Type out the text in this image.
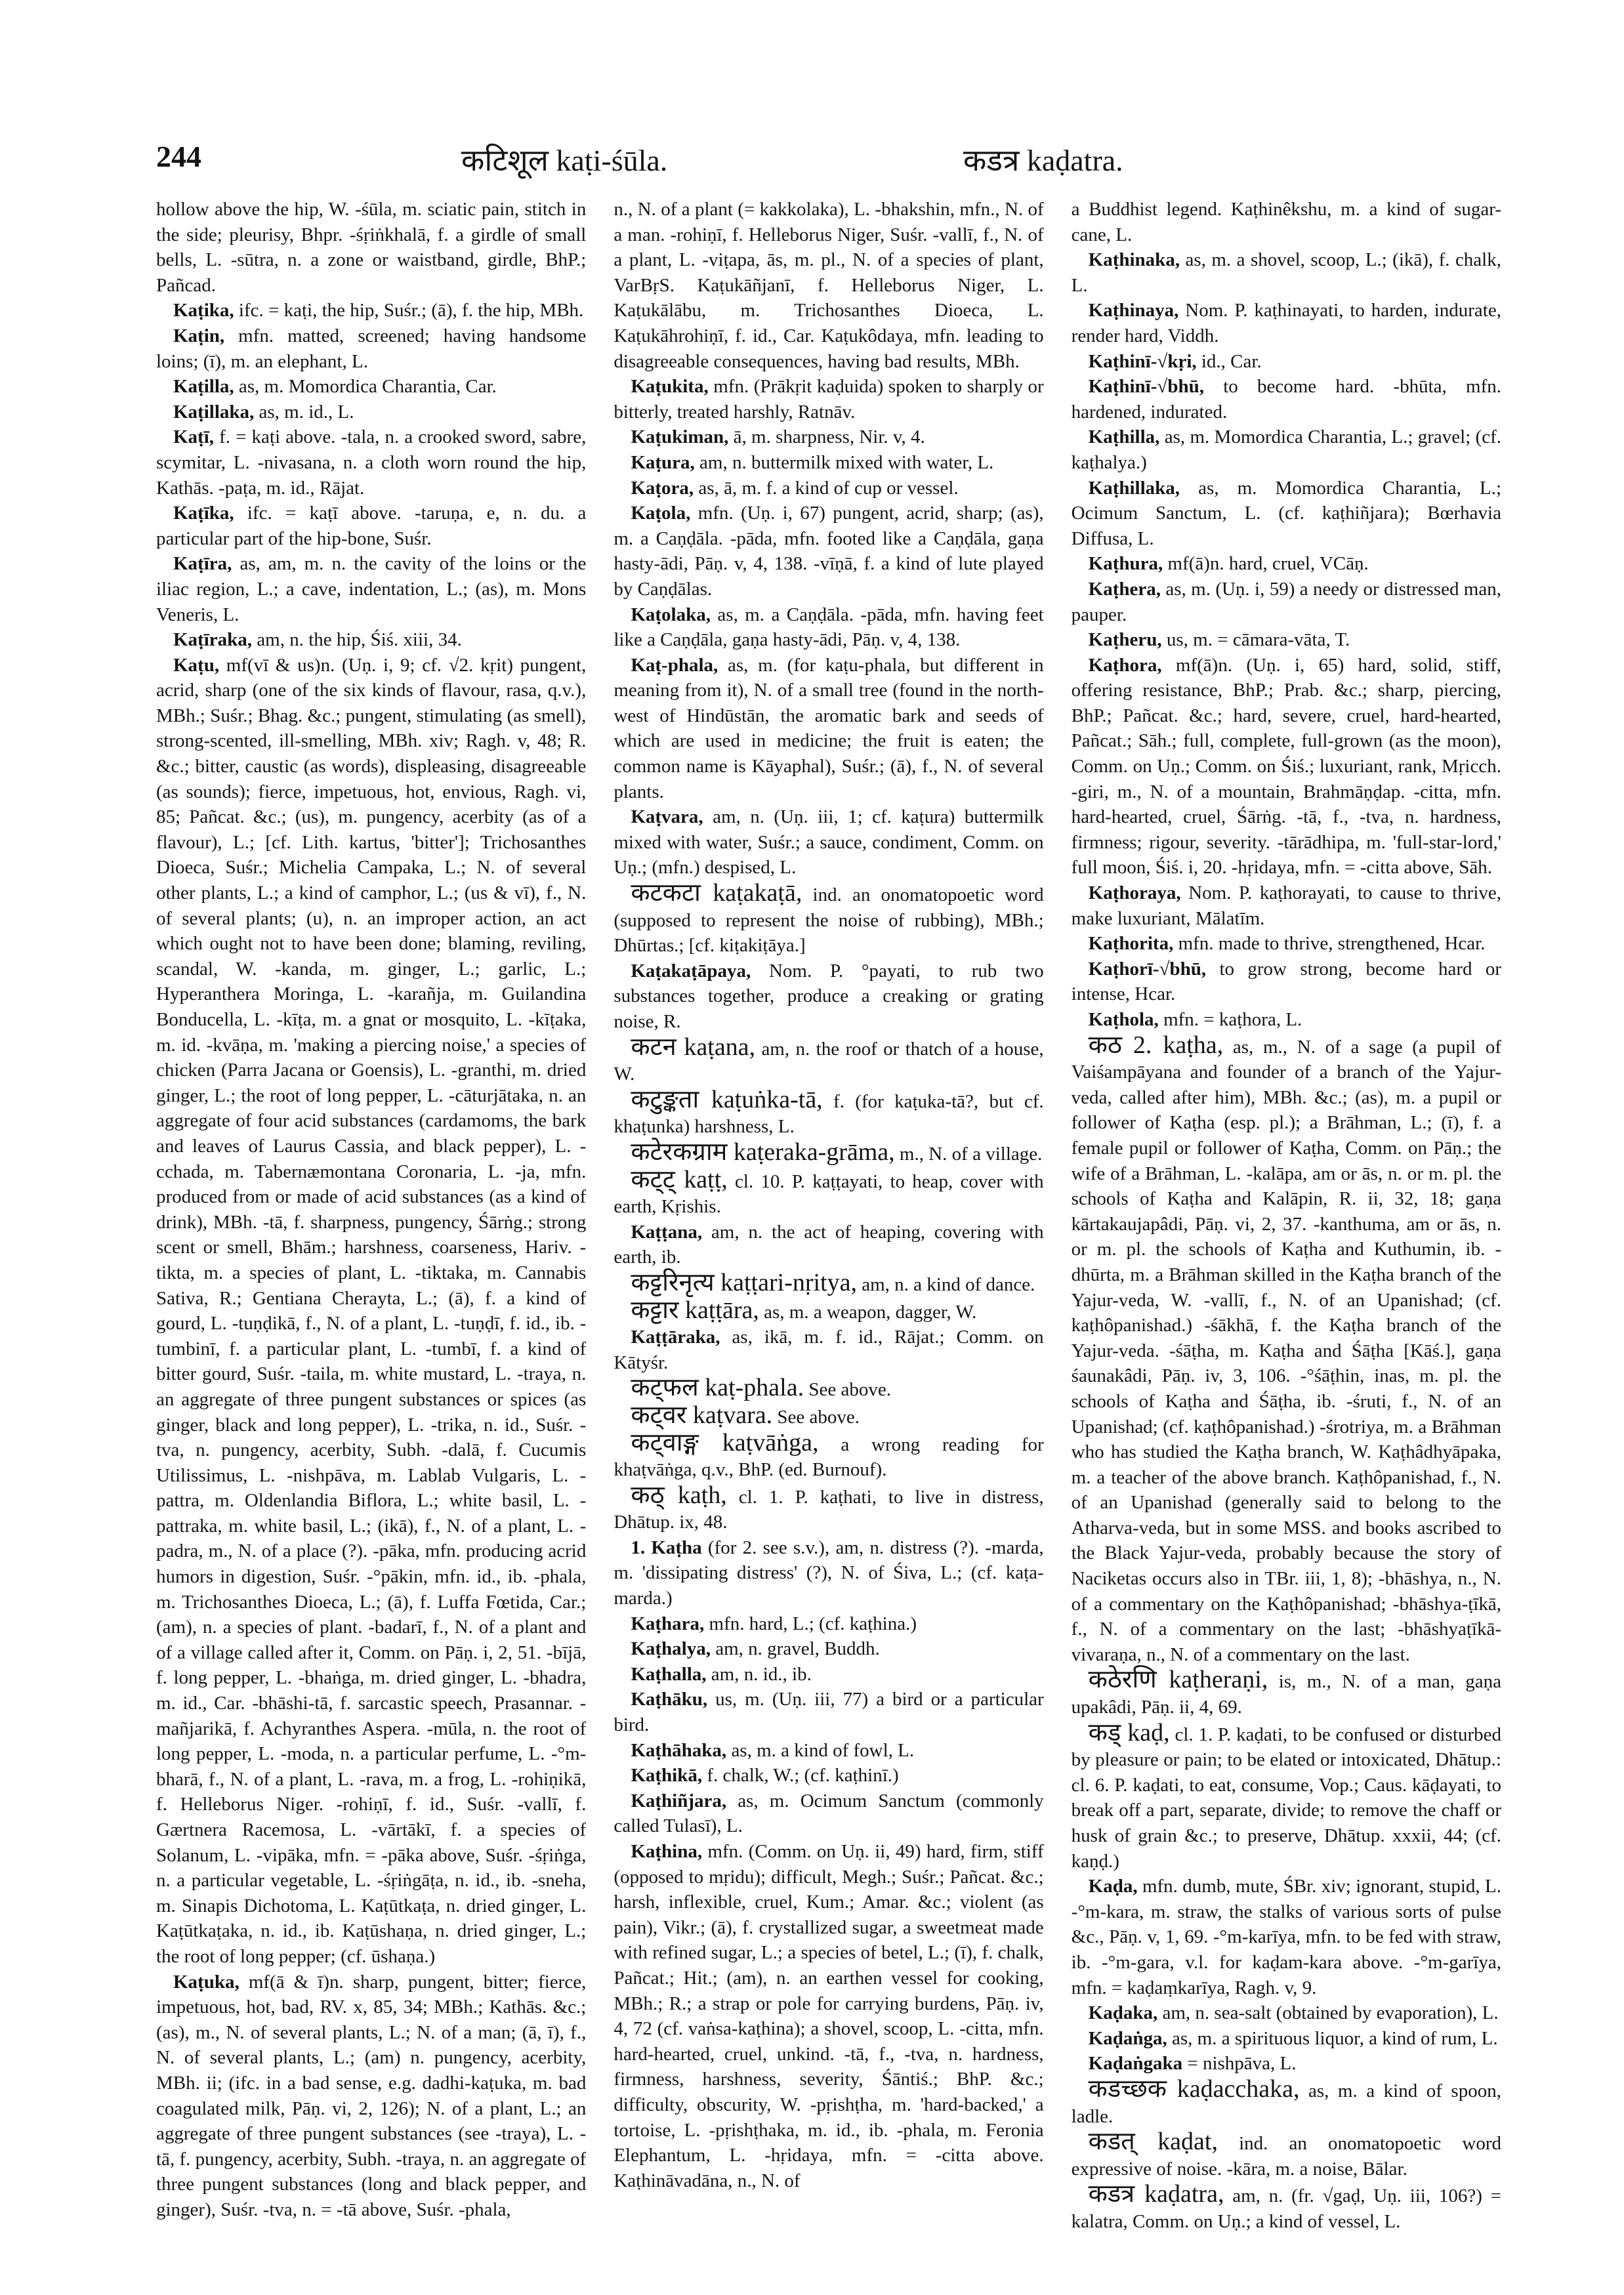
244	कटिशूल kaṭi-śūla.	कडत्र kaḍatra.

hollow above the hip, W. -śūla, m. sciatic pain, stitch in the side; pleurisy, Bhpr. -śṛiṅkhalā, f. a girdle of small bells, L. -sūtra, n. a zone or waistband, girdle, BhP.; Pañcad.

Kaṭika, ifc. = kaṭi, the hip, Suśr.; (ā), f. the hip, MBh.

Kaṭin, mfn. matted, screened; having handsome loins; (ī), m. an elephant, L.

Kaṭilla, as, m. Momordica Charantia, Car.

Kaṭillaka, as, m. id., L.

Kaṭī, f. = kaṭi above. -tala, n. a crooked sword, sabre, scymitar, L. -nivasana, n. a cloth worn round the hip, Kathās. -paṭa, m. id., Rājat.

Kaṭīka, ifc. = kaṭī above. -taruṇa, e, n. du. a particular part of the hip-bone, Suśr.

Kaṭīra, as, am, m. n. the cavity of the loins or the iliac region, L.; a cave, indentation, L.; (as), m. Mons Veneris, L.

Kaṭīraka, am, n. the hip, Śiś. xiii, 34.

Kaṭu, mf(vī & us)n. (Uṇ. i, 9; cf. √2. kṛit) pungent, acrid, sharp (one of the six kinds of flavour, rasa, q.v.), MBh.; Suśr.; Bhag. &c.; pungent, stimulating (as smell), strong-scented, ill-smelling, MBh. xiv; Ragh. v, 48; R. &c.; bitter, caustic (as words), displeasing, disagreeable (as sounds); fierce, impetuous, hot, envious, Ragh. vi, 85; Pañcat. &c.; (us), m. pungency, acerbity (as of a flavour), L.; [cf. Lith. kartus, 'bitter']; Trichosanthes Dioeca, Suśr.; Michelia Campaka, L.; N. of several other plants, L.; a kind of camphor, L.; (us & vī), f., N. of several plants; (u), n. an improper action, an act which ought not to have been done; blaming, reviling, scandal, W. -kanda, m. ginger, L.; garlic, L.; Hyperanthera Moringa, L. -karañja, m. Guilandina Bonducella, L. -kīṭa, m. a gnat or mosquito, L. -kīṭaka, m. id. -kvāṇa, m. 'making a piercing noise,' a species of chicken (Parra Jacana or Goensis), L. -granthi, m. dried ginger, L.; the root of long pepper, L. -cāturjātaka, n. an aggregate of four acid substances (cardamoms, the bark and leaves of Laurus Cassia, and black pepper), L. -cchada, m. Tabernæmontana Coronaria, L. -ja, mfn. produced from or made of acid substances (as a kind of drink), MBh. -tā, f. sharpness, pungency, Śārṅg.; strong scent or smell, Bhām.; harshness, coarseness, Hariv. -tikta, m. a species of plant, L. -tiktaka, m. Cannabis Sativa, R.; Gentiana Cherayta, L.; (ā), f. a kind of gourd, L. -tuṇḍikā, f., N. of a plant, L. -tuṇḍī, f. id., ib. -tumbinī, f. a particular plant, L. -tumbī, f. a kind of bitter gourd, Suśr. -taila, m. white mustard, L. -traya, n. an aggregate of three pungent substances or spices (as ginger, black and long pepper), L. -trika, n. id., Suśr. -tva, n. pungency, acerbity, Subh. -dalā, f. Cucumis Utilissimus, L. -nishpāva, m. Lablab Vulgaris, L. -pattra, m. Oldenlandia Biflora, L.; white basil, L. -pattraka, m. white basil, L.; (ikā), f., N. of a plant, L. -padra, m., N. of a place (?). -pāka, mfn. producing acrid humors in digestion, Suśr. -°pākin, mfn. id., ib. -phala, m. Trichosanthes Dioeca, L.; (ā), f. Luffa Fœtida, Car.; (am), n. a species of plant. -badarī, f., N. of a plant and of a village called after it, Comm. on Pāṇ. i, 2, 51. -bījā, f. long pepper, L. -bhaṅga, m. dried ginger, L. -bhadra, m. id., Car. -bhāshi-tā, f. sarcastic speech, Prasannar. -mañjarikā, f. Achyranthes Aspera. -mūla, n. the root of long pepper, L. -moda, n. a particular perfume, L. -°m-bharā, f., N. of a plant, L. -rava, m. a frog, L. -rohiṇikā, f. Helleborus Niger. -rohiṇī, f. id., Suśr. -vallī, f. Gærtnera Racemosa, L. -vārtākī, f. a species of Solanum, L. -vipāka, mfn. = -pāka above, Suśr. -śṛiṅga, n. a particular vegetable, L. -śṛiṅgāṭa, n. id., ib. -sneha, m. Sinapis Dichotoma, L. Kaṭūtkaṭa, n. dried ginger, L. Kaṭūtkaṭaka, n. id., ib. Kaṭūshaṇa, n. dried ginger, L.; the root of long pepper; (cf. ūshaṇa.)

Kaṭuka, mf(ā & ī)n. sharp, pungent, bitter; fierce, impetuous, hot, bad, RV. x, 85, 34; MBh.; Kathās. &c.; (as), m., N. of several plants, L.; N. of a man; (ā, ī), f., N. of several plants, L.; (am) n. pungency, acerbity, MBh. ii; (ifc. in a bad sense, e.g. dadhi-kaṭuka, m. bad coagulated milk, Pāṇ. vi, 2, 126); N. of a plant, L.; an aggregate of three pungent substances (see -traya), L. -tā, f. pungency, acerbity, Subh. -traya, n. an aggregate of three pungent substances (long and black pepper, and ginger), Suśr. -tva, n. = -tā above, Suśr. -phala,

n., N. of a plant (= kakkolaka), L. -bhakshin, mfn., N. of a man. -rohiṇī, f. Helleborus Niger, Suśr. -vallī, f., N. of a plant, L. -viṭapa, ās, m. pl., N. of a species of plant, VarBṛS. Kaṭukāñjanī, f. Helleborus Niger, L. Kaṭukālābu, m. Trichosanthes Dioeca, L. Kaṭukāhrohiṇī, f. id., Car. Kaṭukôdaya, mfn. leading to disagreeable consequences, having bad results, MBh.

Kaṭukita, mfn. (Prākṛit kaḍuida) spoken to sharply or bitterly, treated harshly, Ratnāv.

Kaṭukiman, ā, m. sharpness, Nir. v, 4.

Kaṭura, am, n. buttermilk mixed with water, L.

Kaṭora, as, ā, m. f. a kind of cup or vessel.

Kaṭola, mfn. (Uṇ. i, 67) pungent, acrid, sharp; (as), m. a Caṇḍāla. -pāda, mfn. footed like a Caṇḍāla, gaṇa hasty-ādi, Pāṇ. v, 4, 138. -vīṇā, f. a kind of lute played by Caṇḍālas.

Kaṭolaka, as, m. a Caṇḍāla. -pāda, mfn. having feet like a Caṇḍāla, gaṇa hasty-ādi, Pāṇ. v, 4, 138.

Kaṭ-phala, as, m. (for kaṭu-phala, but different in meaning from it), N. of a small tree (found in the north-west of Hindūstān, the aromatic bark and seeds of which are used in medicine; the fruit is eaten; the common name is Kāyaphal), Suśr.; (ā), f., N. of several plants.

Kaṭvara, am, n. (Uṇ. iii, 1; cf. kaṭura) buttermilk mixed with water, Suśr.; a sauce, condiment, Comm. on Uṇ.; (mfn.) despised, L.

कटकटा kaṭakaṭā, ind. an onomatopoetic word (supposed to represent the noise of rubbing), MBh.; Dhūrtas.; [cf. kiṭakiṭāya.]

Kaṭakaṭāpaya, Nom. P. °payati, to rub two substances together, produce a creaking or grating noise, R.

कटन kaṭana, am, n. the roof or thatch of a house, W.

कटुङ्कता kaṭuṅka-tā, f. (for kaṭuka-tā?, but cf. khaṭunka) harshness, L.

कटेरकग्राम kaṭeraka-grāma, m., N. of a village.

कट्ट् kaṭṭ, cl. 10. P. kaṭṭayati, to heap, cover with earth, Kṛishis.

Kaṭṭana, am, n. the act of heaping, covering with earth, ib.

कट्टरिनृत्य kaṭṭari-nṛitya, am, n. a kind of dance.

कट्टार kaṭṭāra, as, m. a weapon, dagger, W.

Kaṭṭāraka, as, ikā, m. f. id., Rājat.; Comm. on Kātyśr.

कट्फल kaṭ-phala. See above.

कट्वर kaṭvara. See above.

कट्वाङ्ग kaṭvāṅga, a wrong reading for khaṭvāṅga, q.v., BhP. (ed. Burnouf).

कठ् kaṭh, cl. 1. P. kaṭhati, to live in distress, Dhātup. ix, 48.

1. Kaṭha (for 2. see s.v.), am, n. distress (?). -marda, m. 'dissipating distress' (?), N. of Śiva, L.; (cf. kaṭa-marda.)

Kaṭhara, mfn. hard, L.; (cf. kaṭhina.)

Kaṭhalya, am, n. gravel, Buddh.

Kaṭhalla, am, n. id., ib.

Kaṭhāku, us, m. (Uṇ. iii, 77) a bird or a particular bird.

Kaṭhāhaka, as, m. a kind of fowl, L.

Kaṭhikā, f. chalk, W.; (cf. kaṭhinī.)

Kaṭhiñjara, as, m. Ocimum Sanctum (commonly called Tulasī), L.

Kaṭhina, mfn. (Comm. on Uṇ. ii, 49) hard, firm, stiff (opposed to mṛidu); difficult, Megh.; Suśr.; Pañcat. &c.; harsh, inflexible, cruel, Kum.; Amar. &c.; violent (as pain), Vikr.; (ā), f. crystallized sugar, a sweetmeat made with refined sugar, L.; a species of betel, L.; (ī), f. chalk, Pañcat.; Hit.; (am), n. an earthen vessel for cooking, MBh.; R.; a strap or pole for carrying burdens, Pāṇ. iv, 4, 72 (cf. vaṅsa-kaṭhina); a shovel, scoop, L. -citta, mfn. hard-hearted, cruel, unkind. -tā, f., -tva, n. hardness, firmness, harshness, severity, Śāntiś.; BhP. &c.; difficulty, obscurity, W. -pṛishṭha, m. 'hard-backed,' a tortoise, L. -pṛishṭhaka, m. id., ib. -phala, m. Feronia Elephantum, L. -hṛidaya, mfn. = -citta above. Kaṭhināvadāna, n., N. of

a Buddhist legend. Kaṭhinêkshu, m. a kind of sugar-cane, L.

Kaṭhinaka, as, m. a shovel, scoop, L.; (ikā), f. chalk, L.

Kaṭhinaya, Nom. P. kaṭhinayati, to harden, indurate, render hard, Viddh.

Kaṭhinī-√kṛi, id., Car.

Kaṭhinī-√bhū, to become hard. -bhūta, mfn. hardened, indurated.

Kaṭhilla, as, m. Momordica Charantia, L.; gravel; (cf. kaṭhalya.)

Kaṭhillaka, as, m. Momordica Charantia, L.; Ocimum Sanctum, L. (cf. kaṭhiñjara); Bœrhavia Diffusa, L.

Kaṭhura, mf(ā)n. hard, cruel, VCāṇ.

Kaṭhera, as, m. (Uṇ. i, 59) a needy or distressed man, pauper.

Kaṭheru, us, m. = cāmara-vāta, T.

Kaṭhora, mf(ā)n. (Uṇ. i, 65) hard, solid, stiff, offering resistance, BhP.; Prab. &c.; sharp, piercing, BhP.; Pañcat. &c.; hard, severe, cruel, hard-hearted, Pañcat.; Sāh.; full, complete, full-grown (as the moon), Comm. on Uṇ.; Comm. on Śiś.; luxuriant, rank, Mṛicch. -giri, m., N. of a mountain, Brahmāṇḍap. -citta, mfn. hard-hearted, cruel, Śārṅg. -tā, f., -tva, n. hardness, firmness; rigour, severity. -tārādhipa, m. 'full-star-lord,' full moon, Śiś. i, 20. -hṛidaya, mfn. = -citta above, Sāh.

Kaṭhoraya, Nom. P. kaṭhorayati, to cause to thrive, make luxuriant, Mālatīm.

Kaṭhorita, mfn. made to thrive, strengthened, Hcar.

Kaṭhorī-√bhū, to grow strong, become hard or intense, Hcar.

Kaṭhola, mfn. = kaṭhora, L.

कठ 2. kaṭha, as, m., N. of a sage (a pupil of Vaiśampāyana and founder of a branch of the Yajur-veda, called after him), MBh. &c.; (as), m. a pupil or follower of Kaṭha (esp. pl.); a Brāhman, L.; (ī), f. a female pupil or follower of Kaṭha, Comm. on Pāṇ.; the wife of a Brāhman, L. -kalāpa, am or ās, n. or m. pl. the schools of Kaṭha and Kalāpin, R. ii, 32, 18; gaṇa kārtakaujapâdi, Pāṇ. vi, 2, 37. -kanthuma, am or ās, n. or m. pl. the schools of Kaṭha and Kuthumin, ib. -dhūrta, m. a Brāhman skilled in the Kaṭha branch of the Yajur-veda, W. -vallī, f., N. of an Upanishad; (cf. kaṭhôpanishad.) -śākhā, f. the Kaṭha branch of the Yajur-veda. -śāṭha, m. Kaṭha and Śāṭha [Kāś.], gaṇa śaunakâdi, Pāṇ. iv, 3, 106. -°śāṭhin, inas, m. pl. the schools of Kaṭha and Śāṭha, ib. -śruti, f., N. of an Upanishad; (cf. kaṭhôpanishad.) -śrotriya, m. a Brāhman who has studied the Kaṭha branch, W. Kaṭhâdhyāpaka, m. a teacher of the above branch. Kaṭhôpanishad, f., N. of an Upanishad (generally said to belong to the Atharva-veda, but in some MSS. and books ascribed to the Black Yajur-veda, probably because the story of Naciketas occurs also in TBr. iii, 1, 8); -bhāshya, n., N. of a commentary on the Kaṭhôpanishad; -bhāshya-ṭīkā, f., N. of a commentary on the last; -bhāshyaṭīkā-vivaraṇa, n., N. of a commentary on the last.

कठेरणि kaṭheraṇi, is, m., N. of a man, gaṇa upakâdi, Pāṇ. ii, 4, 69.

कड् kaḍ, cl. 1. P. kaḍati, to be confused or disturbed by pleasure or pain; to be elated or intoxicated, Dhātup.: cl. 6. P. kaḍati, to eat, consume, Vop.; Caus. kāḍayati, to break off a part, separate, divide; to remove the chaff or husk of grain &c.; to preserve, Dhātup. xxxii, 44; (cf. kaṇḍ.)

Kaḍa, mfn. dumb, mute, ŚBr. xiv; ignorant, stupid, L. -°m-kara, m. straw, the stalks of various sorts of pulse &c., Pāṇ. v, 1, 69. -°m-karīya, mfn. to be fed with straw, ib. -°m-gara, v.l. for kaḍam-kara above. -°m-garīya, mfn. = kaḍaṃkarīya, Ragh. v, 9.

Kaḍaka, am, n. sea-salt (obtained by evaporation), L.

Kaḍaṅga, as, m. a spirituous liquor, a kind of rum, L.

Kaḍaṅgaka = nishpāva, L.

कडच्छक kaḍacchaka, as, m. a kind of spoon, ladle.

कडत् kaḍat, ind. an onomatopoetic word expressive of noise. -kāra, m. a noise, Bālar.

कडत्र kaḍatra, am, n. (fr. √gaḍ, Uṇ. iii, 106?) = kalatra, Comm. on Uṇ.; a kind of vessel, L.
